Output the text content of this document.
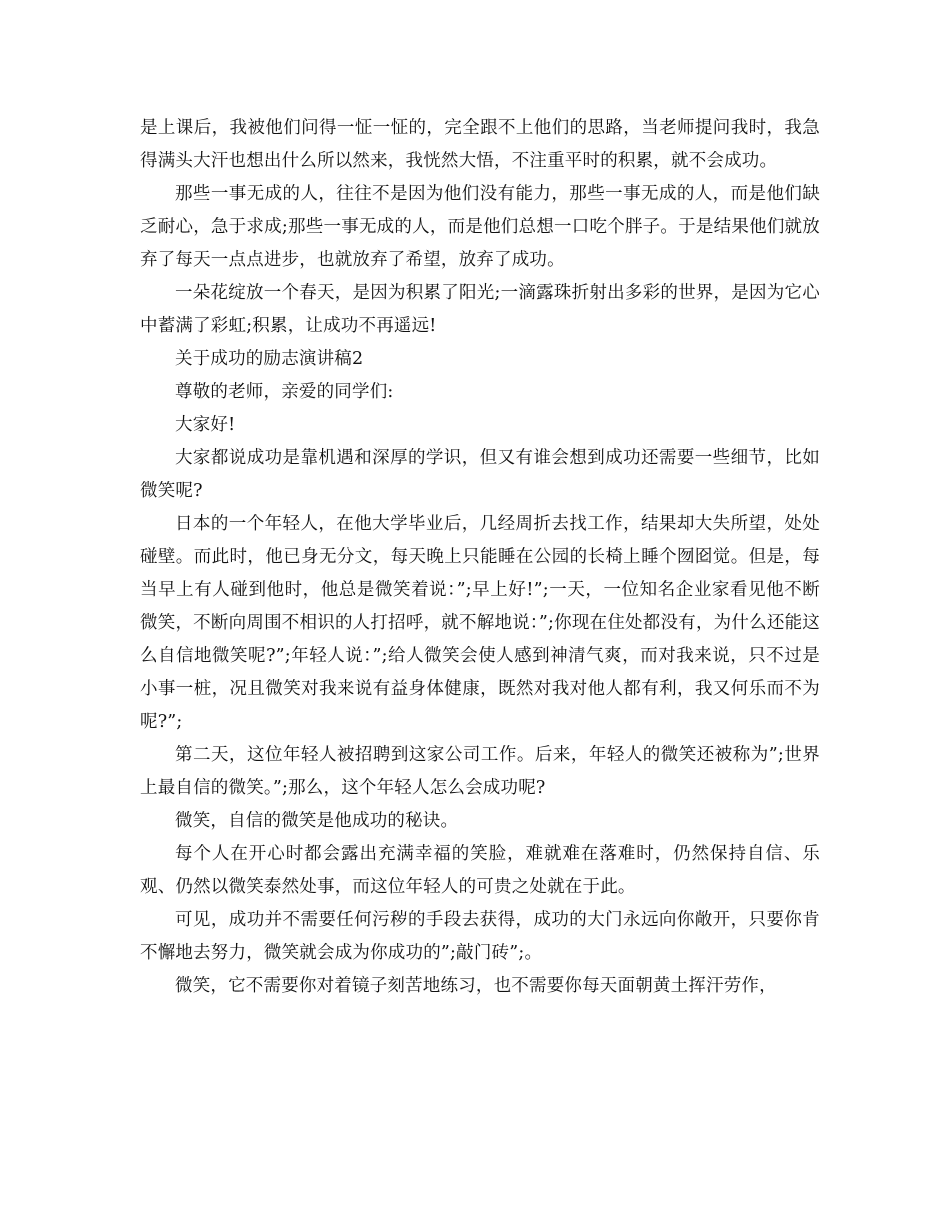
是上课后，我被他们问得一怔一怔的，完全跟不上他们的思路，当老师提问我时，我急得满头大汗也想出什么所以然来，我恍然大悟，不注重平时的积累，就不会成功。

那些一事无成的人，往往不是因为他们没有能力，那些一事无成的人，而是他们缺乏耐心，急于求成;那些一事无成的人，而是他们总想一口吃个胖子。于是结果他们就放弃了每天一点点进步，也就放弃了希望，放弃了成功。

一朵花绽放一个春天，是因为积累了阳光;一滴露珠折射出多彩的世界，是因为它心中蓄满了彩虹;积累，让成功不再遥远!

关于成功的励志演讲稿2

尊敬的老师，亲爱的同学们:

大家好!

大家都说成功是靠机遇和深厚的学识，但又有谁会想到成功还需要一些细节，比如微笑呢?

日本的一个年轻人，在他大学毕业后，几经周折去找工作，结果却大失所望，处处碰壁。而此时，他已身无分文，每天晚上只能睡在公园的长椅上睡个囫囵觉。但是，每当早上有人碰到他时，他总是微笑着说：”;早上好!”;一天，一位知名企业家看见他不断微笑，不断向周围不相识的人打招呼，就不解地说：”;你现在住处都没有，为什么还能这么自信地微笑呢?”;年轻人说：”;给人微笑会使人感到神清气爽，而对我来说，只不过是小事一桩，况且微笑对我来说有益身体健康，既然对我对他人都有利，我又何乐而不为呢?”;

第二天，这位年轻人被招聘到这家公司工作。后来，年轻人的微笑还被称为”;世界上最自信的微笑。”;那么，这个年轻人怎么会成功呢?

微笑，自信的微笑是他成功的秘诀。

每个人在开心时都会露出充满幸福的笑脸，难就难在落难时，仍然保持自信、乐观、仍然以微笑泰然处事，而这位年轻人的可贵之处就在于此。

可见，成功并不需要任何污秽的手段去获得，成功的大门永远向你敞开，只要你肯不懈地去努力，微笑就会成为你成功的”;敲门砖”;。

微笑，它不需要你对着镜子刻苦地练习，也不需要你每天面朝黄土挥汗劳作，
